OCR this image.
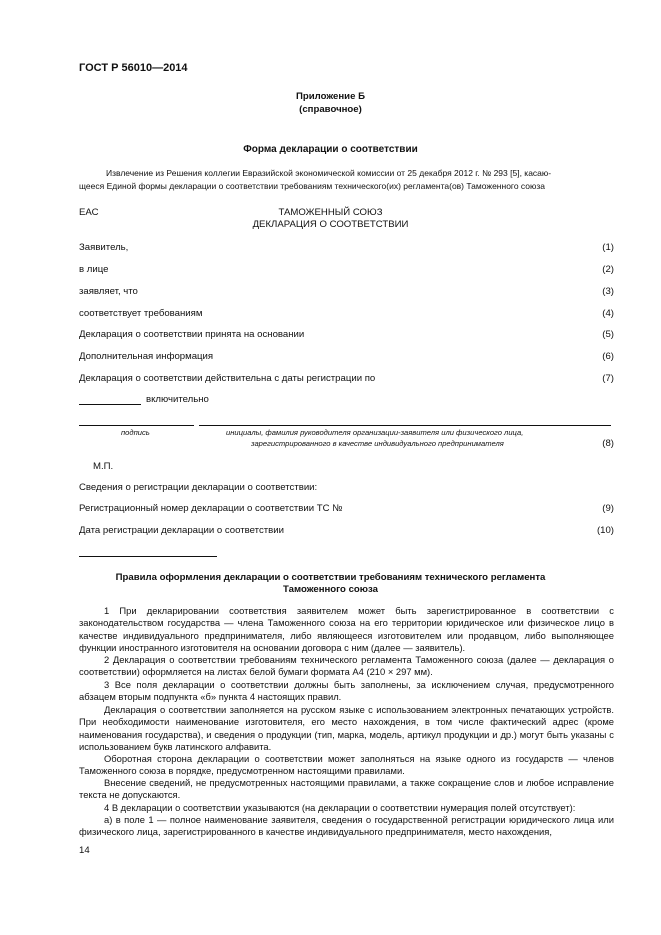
ГОСТ Р 56010—2014
Приложение Б
(справочное)
Форма декларации о соответствии
Извлечение из Решения коллегии Евразийской экономической комиссии от 25 декабря 2012 г. № 293 [5], касаю-
щееся Единой формы декларации о соответствии требованиям технического(их) регламента(ов) Таможенного союза
ЕАС	ТАМОЖЕННЫЙ СОЮЗ
ДЕКЛАРАЦИЯ О СООТВЕТСТВИИ
Заявитель,	(1)
в лице	(2)
заявляет, что	(3)
соответствует требованиям	(4)
Декларация о соответствии принята на основании	(5)
Дополнительная информация	(6)
Декларация о соответствии действительна с даты регистрации по	(7)
включительно
подпись	инициалы, фамилия руководителя организации-заявителя или физического лица,
зарегистрированного в качестве индивидуального предпринимателя	(8)
М.П.
Сведения о регистрации декларации о соответствии:
Регистрационный номер декларации о соответствии ТС №	(9)
Дата регистрации декларации о соответствии	(10)
Правила оформления декларации о соответствии требованиям технического регламента
Таможенного союза
1 При декларировании соответствия заявителем может быть зарегистрированное в соответствии с законодательством государства — члена Таможенного союза на его территории юридическое или физическое лицо в качестве индивидуального предпринимателя, либо являющееся изготовителем или продавцом, либо выполняющее функции иностранного изготовителя на основании договора с ним (далее — заявитель).
2 Декларация о соответствии требованиям технического регламента Таможенного союза (далее — декларация о соответствии) оформляется на листах белой бумаги формата А4 (210 × 297 мм).
3 Все поля декларации о соответствии должны быть заполнены, за исключением случая, предусмотренного абзацем вторым подпункта «б» пункта 4 настоящих правил.
Декларация о соответствии заполняется на русском языке с использованием электронных печатающих устройств. При необходимости наименование изготовителя, его место нахождения, в том числе фактический адрес (кроме наименования государства), и сведения о продукции (тип, марка, модель, артикул продукции и др.) могут быть указаны с использованием букв латинского алфавита.
Оборотная сторона декларации о соответствии может заполняться на языке одного из государств — членов Таможенного союза в порядке, предусмотренном настоящими правилами.
Внесение сведений, не предусмотренных настоящими правилами, а также сокращение слов и любое исправление текста не допускаются.
4 В декларации о соответствии указываются (на декларации о соответствии нумерация полей отсутствует):
а) в поле 1 — полное наименование заявителя, сведения о государственной регистрации юридического лица или физического лица, зарегистрированного в качестве индивидуального предпринимателя, место нахождения,
14
